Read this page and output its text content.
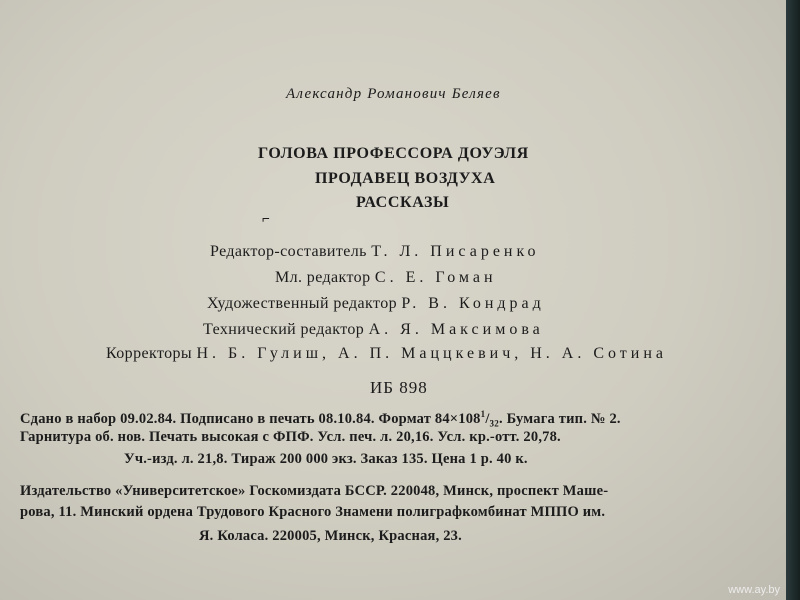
Александр Романович Беляев
ГОЛОВА ПРОФЕССОРА ДОУЭЛЯ
ПРОДАВЕЦ ВОЗДУХА
РАССКАЗЫ
⌐
Редактор-составитель Т. Л. Писаренко
Мл. редактор С. Е. Гоман
Художественный редактор Р. В. Кондрад
Технический редактор А. Я. Максимова
Корректоры Н. Б. Гулиш, А. П. Маццкевич, Н. А. Сотина
ИБ 898
Сдано в набор 09.02.84. Подписано в печать 08.10.84. Формат $84\times 108^1/_{32}$. Бумага тип. № 2.
Гарнитура об. нов. Печать высокая с ФПФ. Усл. печ. л. 20,16. Усл. кр.-отт. 20,78.
Уч.-изд. л. 21,8. Тираж 200 000 экз. Заказ 135. Цена 1 р. 40 к.
Издательство «Университетское» Госкомиздата БССР. 220048, Минск, проспект Маше-
рова, 11. Минский ордена Трудового Красного Знамени полиграфкомбинат МППО им.
Я. Коласа. 220005, Минск, Красная, 23.
www.ay.by
